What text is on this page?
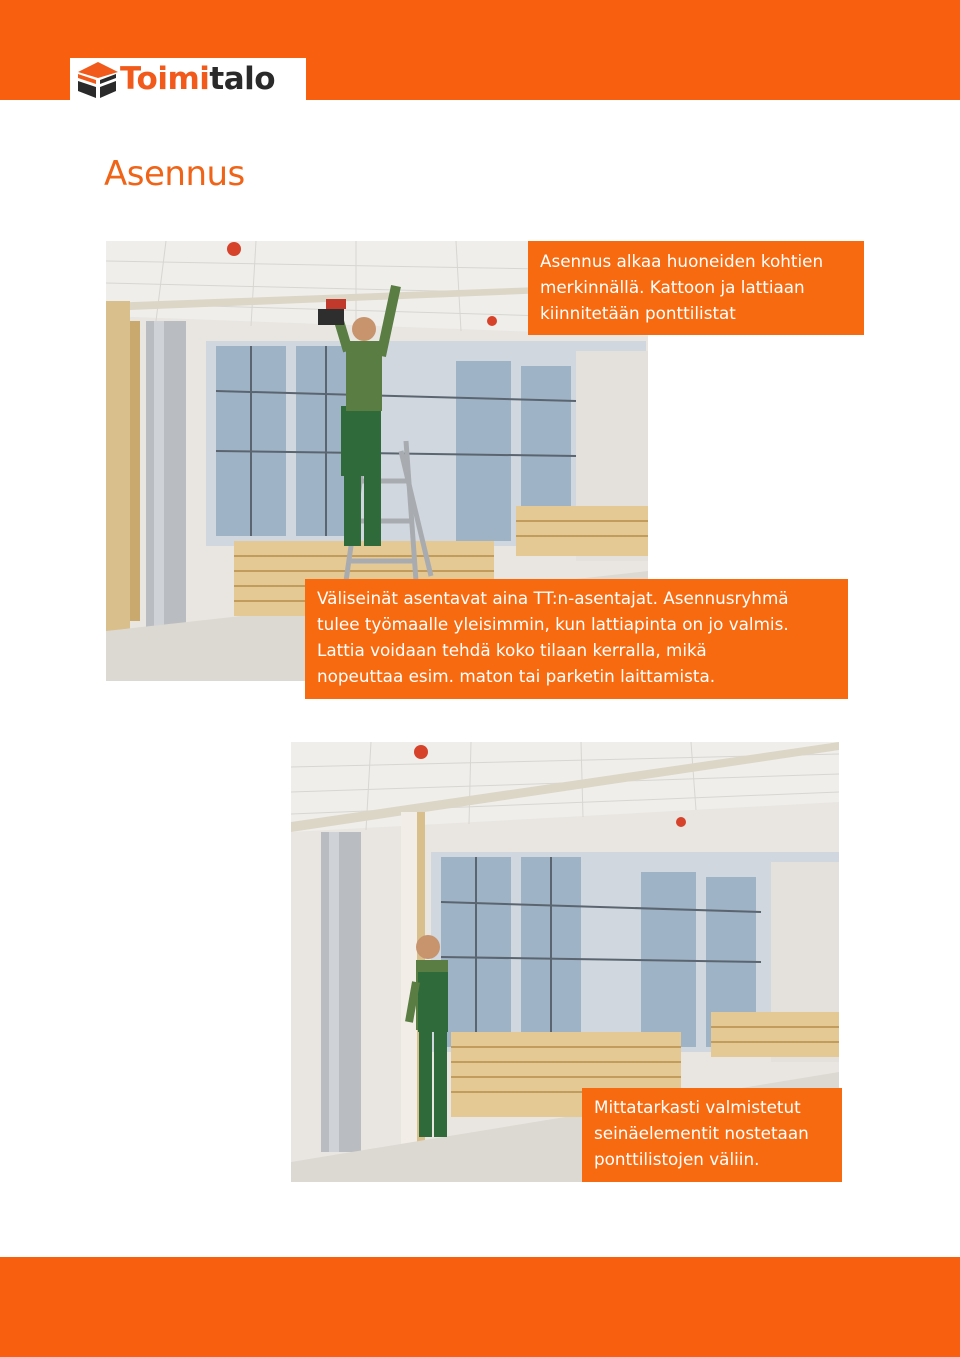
Toimitalo
Asennus
Asennus alkaa huoneiden kohtien
merkinnällä. Kattoon ja lattiaan
kiinnitetään ponttilistat
Väliseinät asentavat aina TT:n-asentajat. Asennusryhmä
tulee työmaalle yleisimmin, kun lattiapinta on jo valmis.
Lattia voidaan tehdä koko tilaan kerralla, mikä
nopeuttaa esim. maton tai parketin laittamista.
Mittatarkasti valmistetut
seinäelementit nostetaan
ponttilistojen väliin.
